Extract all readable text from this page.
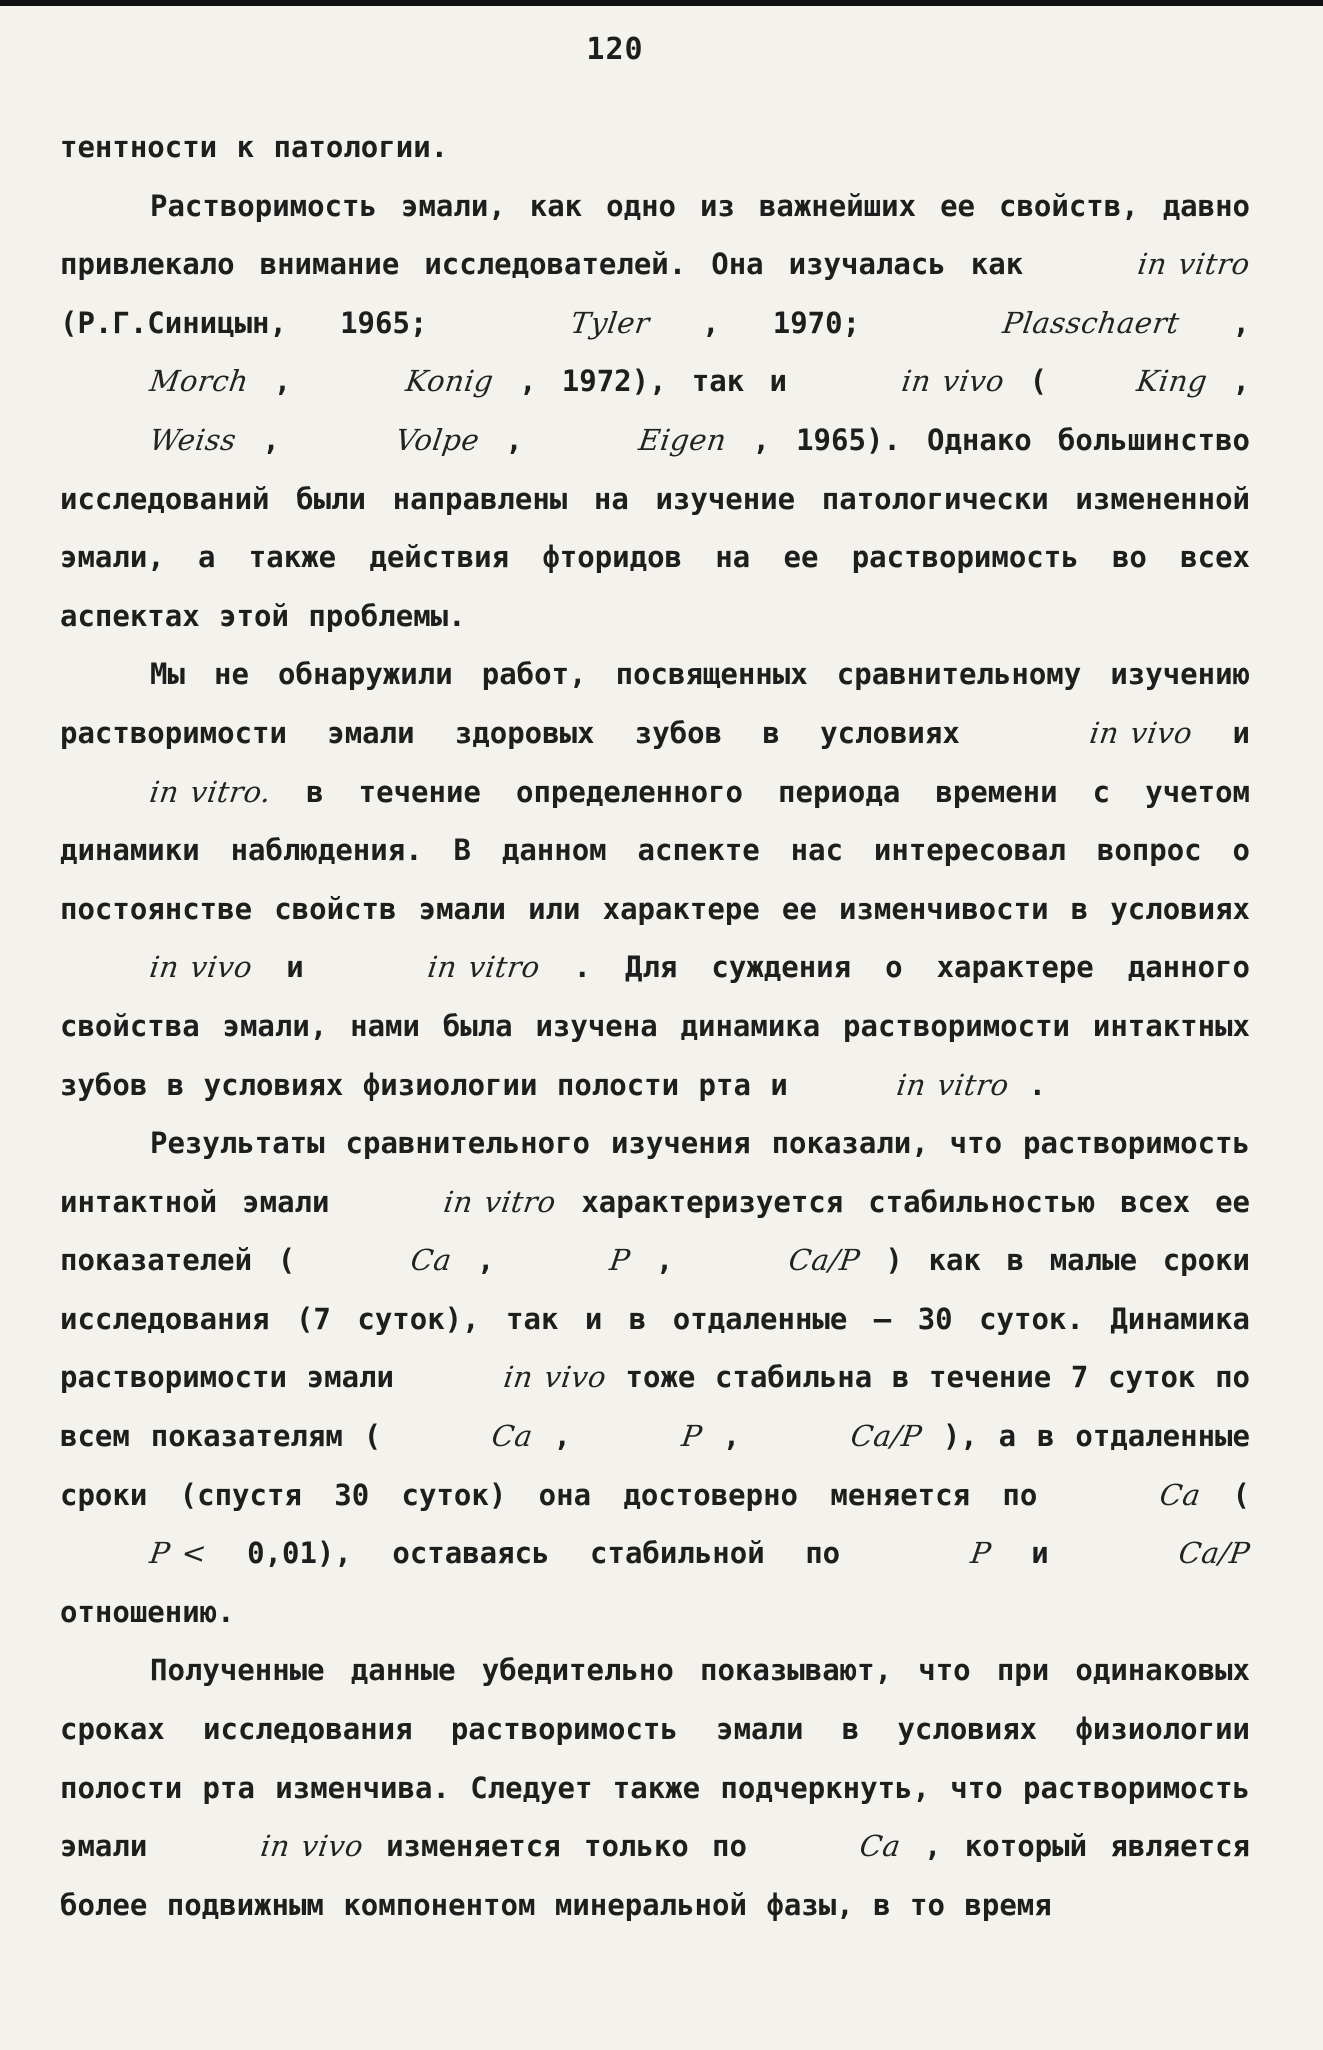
120

тентности к патологии.

Растворимость эмали, как одно из важнейших ее свойств, давно привлекало внимание исследователей. Она изучалась как	in vitro (Р.Г.Синицын, 1965;	Tyler , 1970;	Plasschaert , Morch ,	Konig , 1972), так и	in vivo (	King , Weiss ,	Volpe ,	Eigen , 1965). Однако большинство исследований были направлены на изучение патологически измененной эмали, а также действия фторидов на ее растворимость во всех аспектах этой проблемы.

Мы не обнаружили работ, посвященных сравнительному изучению растворимости эмали здоровых зубов в условиях	in vivo и in vitro. в течение определенного периода времени с учетом динамики наблюдения. В данном аспекте нас интересовал вопрос о постоянстве свойств эмали или характере ее изменчивости в условиях in vivo и	in vitro . Для суждения о характере данного свойства эмали, нами была изучена динамика растворимости интактных зубов в условиях физиологии полости рта и	in vitro .

Результаты сравнительного изучения показали, что растворимость интактной эмали	in vitro характеризуется стабильностью всех ее показателей (	Ca ,	P ,	Ca/P ) как в малые сроки исследования (7 суток), так и в отдаленные – 30 суток. Динамика растворимости эмали	in vivo тоже стабильна в течение 7 суток по всем показателям (	Ca ,	P ,	Ca/P ), а в отдаленные сроки (спустя 30 суток) она достоверно меняется по	Ca ( P < 0,01), оставаясь стабильной по	P и	Ca/P отношению.

Полученные данные убедительно показывают, что при одинаковых сроках исследования растворимость эмали в условиях физиологии полости рта изменчива. Следует также подчеркнуть, что растворимость эмали	in vivo изменяется только по	Ca , который является более подвижным компонентом минеральной фазы, в то время
